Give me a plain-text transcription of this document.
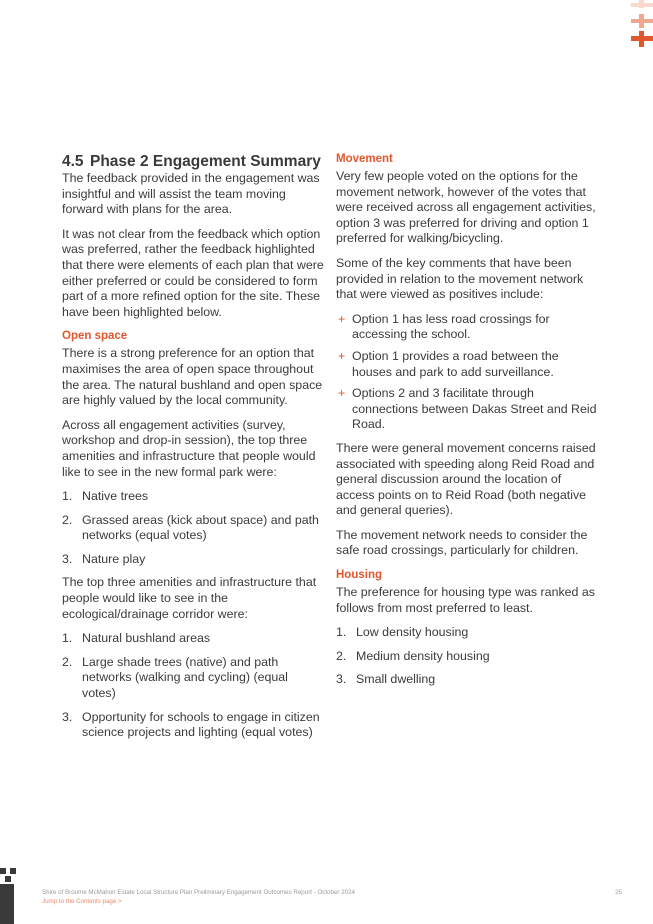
4.5 Phase 2 Engagement Summary

The feedback provided in the engagement was insightful and will assist the team moving forward with plans for the area.

It was not clear from the feedback which option was preferred, rather the feedback highlighted that there were elements of each plan that were either preferred or could be considered to form part of a more refined option for the site. These have been highlighted below.

Open space

There is a strong preference for an option that maximises the area of open space throughout the area. The natural bushland and open space are highly valued by the local community.

Across all engagement activities (survey, workshop and drop-in session), the top three amenities and infrastructure that people would like to see in the new formal park were:

1. Native trees
2. Grassed areas (kick about space) and path networks (equal votes)
3. Nature play

The top three amenities and infrastructure that people would like to see in the ecological/drainage corridor were:

1. Natural bushland areas
2. Large shade trees (native) and path networks (walking and cycling) (equal votes)
3. Opportunity for schools to engage in citizen science projects and lighting (equal votes)
Movement

Very few people voted on the options for the movement network, however of the votes that were received across all engagement activities, option 3 was preferred for driving and option 1 preferred for walking/bicycling.

Some of the key comments that have been provided in relation to the movement network that were viewed as positives include:

+ Option 1 has less road crossings for accessing the school.
+ Option 1 provides a road between the houses and park to add surveillance.
+ Options 2 and 3 facilitate through connections between Dakas Street and Reid Road.

There were general movement concerns raised associated with speeding along Reid Road and general discussion around the location of access points on to Reid Road (both negative and general queries).

The movement network needs to consider the safe road crossings, particularly for children.

Housing

The preference for housing type was ranked as follows from most preferred to least.

1. Low density housing
2. Medium density housing
3. Small dwelling
Shire of Broome McMahon Estate Local Structure Plan Preliminary Engagement Outcomes Report - October 2024
Jump to the Contents page >
25
